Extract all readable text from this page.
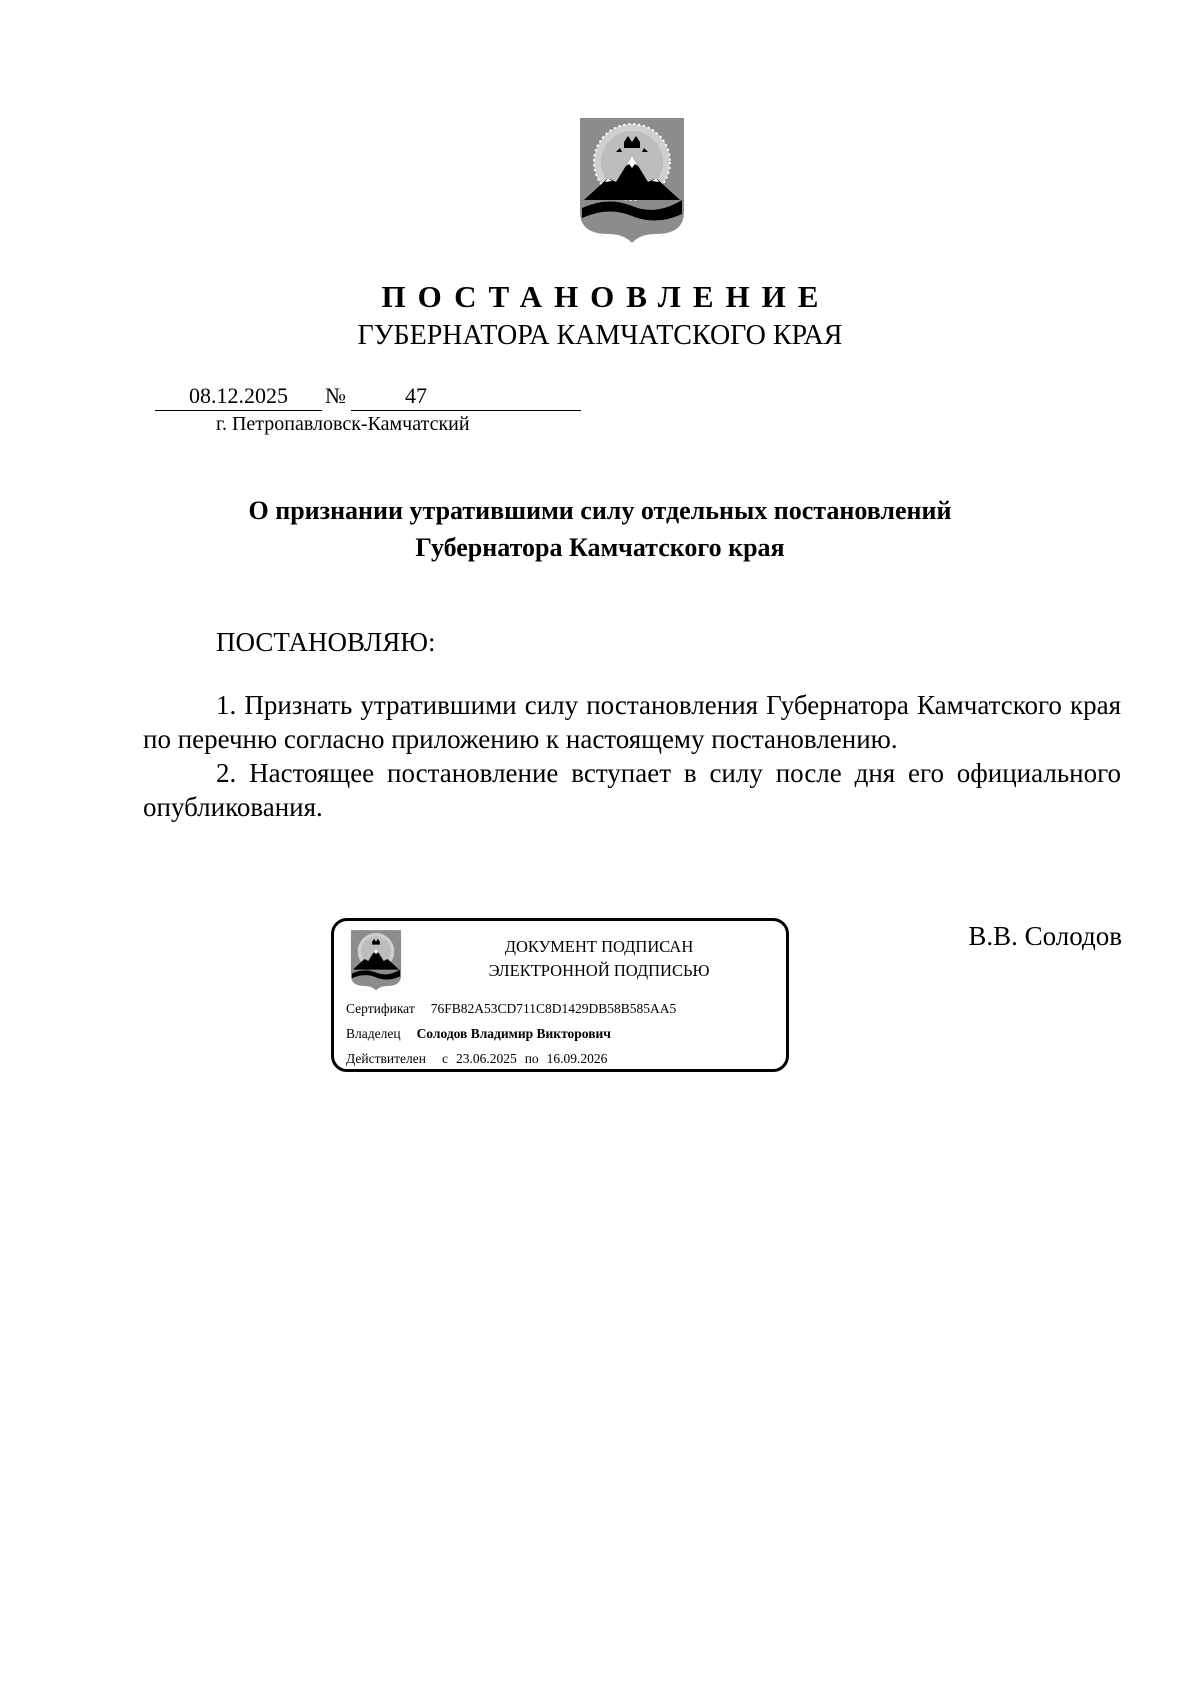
ПОСТАНОВЛЕНИЕ
ГУБЕРНАТОРА КАМЧАТСКОГО КРАЯ
08.12.2025	№	47
г. Петропавловск-Камчатский
О признании утратившими силу отдельных постановлений
Губернатора Камчатского края
ПОСТАНОВЛЯЮ:

1. Признать утратившими силу постановления Губернатора Камчатского края по перечню согласно приложению к настоящему постановлению.

2. Настоящее постановление вступает в силу после дня его официального опубликования.

ДОКУМЕНТ ПОДПИСАН
ЭЛЕКТРОННОЙ ПОДПИСЬЮ
Сертификат 76FB82A53CD711C8D1429DB58B585AA5
Владелец Солодов Владимир Викторович
Действителен с 23.06.2025 по 16.09.2026
В.В. Солодов
